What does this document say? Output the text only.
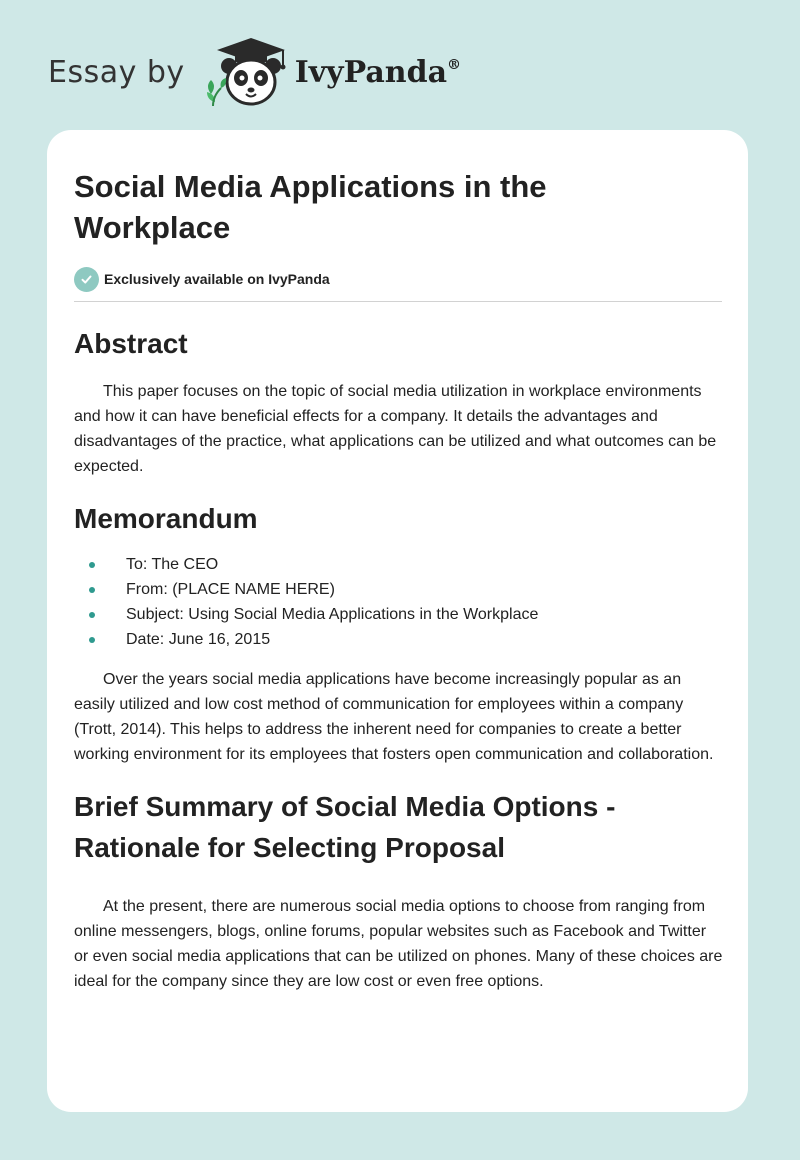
Essay by	IvyPanda®
Social Media Applications in the Workplace
Exclusively available on IvyPanda
Abstract

This paper focuses on the topic of social media utilization in workplace environments and how it can have beneficial effects for a company. It details the advantages and disadvantages of the practice, what applications can be utilized and what outcomes can be expected.

Memorandum
To: The CEO
From: (PLACE NAME HERE)
Subject: Using Social Media Applications in the Workplace
Date: June 16, 2015

Over the years social media applications have become increasingly popular as an easily utilized and low cost method of communication for employees within a company (Trott, 2014). This helps to address the inherent need for companies to create a better working environment for its employees that fosters open communication and collaboration.

Brief Summary of Social Media Options - Rationale for Selecting Proposal

At the present, there are numerous social media options to choose from ranging from online messengers, blogs, online forums, popular websites such as Facebook and Twitter or even social media applications that can be utilized on phones. Many of these choices are ideal for the company since they are low cost or even free options.
